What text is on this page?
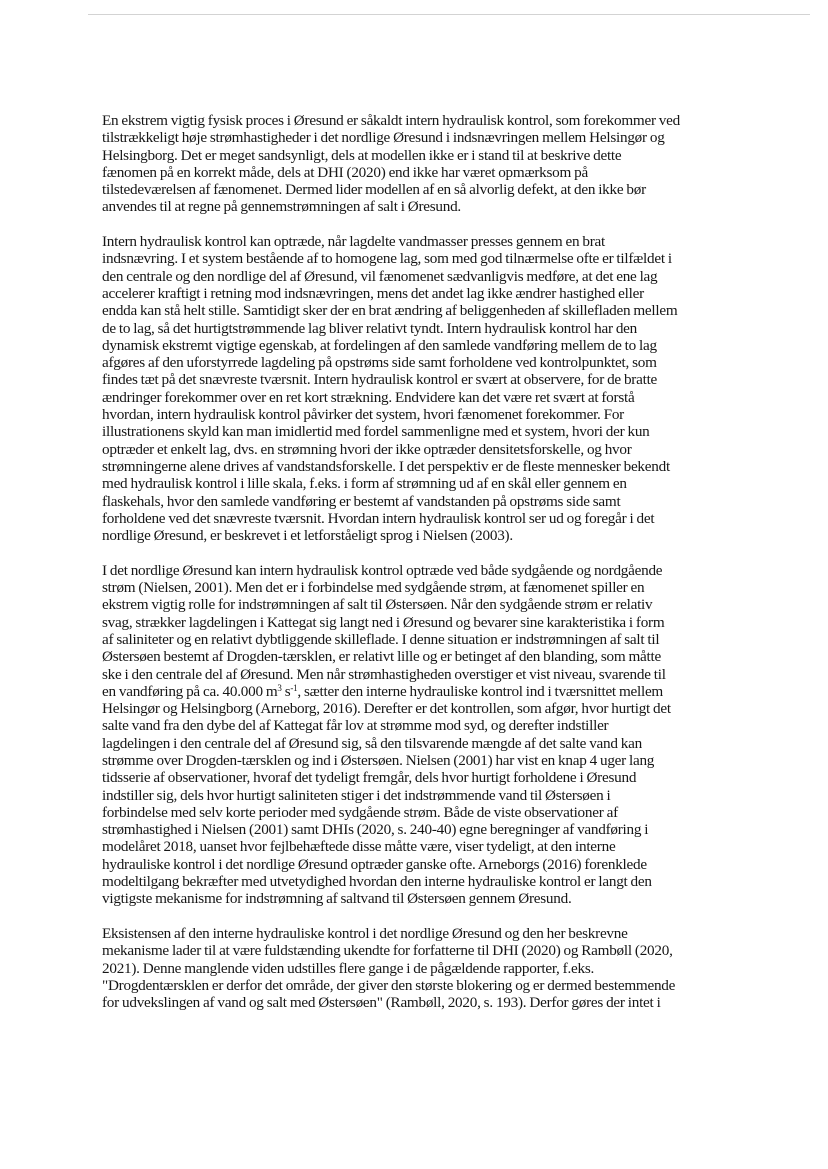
En ekstrem vigtig fysisk proces i Øresund er såkaldt intern hydraulisk kontrol, som forekommer ved
tilstrækkeligt høje strømhastigheder i det nordlige Øresund i indsnævringen mellem Helsingør og
Helsingborg. Det er meget sandsynligt, dels at modellen ikke er i stand til at beskrive dette
fænomen på en korrekt måde, dels at DHI (2020) end ikke har været opmærksom på
tilstedeværelsen af fænomenet. Dermed lider modellen af en så alvorlig defekt, at den ikke bør
anvendes til at regne på gennemstrømningen af salt i Øresund.

Intern hydraulisk kontrol kan optræde, når lagdelte vandmasser presses gennem en brat
indsnævring. I et system bestående af to homogene lag, som med god tilnærmelse ofte er tilfældet i
den centrale og den nordlige del af Øresund, vil fænomenet sædvanligvis medføre, at det ene lag
accelerer kraftigt i retning mod indsnævringen, mens det andet lag ikke ændrer hastighed eller
endda kan stå helt stille. Samtidigt sker der en brat ændring af beliggenheden af skillefladen mellem
de to lag, så det hurtigtstrømmende lag bliver relativt tyndt. Intern hydraulisk kontrol har den
dynamisk ekstremt vigtige egenskab, at fordelingen af den samlede vandføring mellem de to lag
afgøres af den uforstyrrede lagdeling på opstrøms side samt forholdene ved kontrolpunktet, som
findes tæt på det snævreste tværsnit. Intern hydraulisk kontrol er svært at observere, for de bratte
ændringer forekommer over en ret kort strækning. Endvidere kan det være ret svært at forstå
hvordan, intern hydraulisk kontrol påvirker det system, hvori fænomenet forekommer. For
illustrationens skyld kan man imidlertid med fordel sammenligne med et system, hvori der kun
optræder et enkelt lag, dvs. en strømning hvori der ikke optræder densitetsforskelle, og hvor
strømningerne alene drives af vandstandsforskelle. I det perspektiv er de fleste mennesker bekendt
med hydraulisk kontrol i lille skala, f.eks. i form af strømning ud af en skål eller gennem en
flaskehals, hvor den samlede vandføring er bestemt af vandstanden på opstrøms side samt
forholdene ved det snævreste tværsnit. Hvordan intern hydraulisk kontrol ser ud og foregår i det
nordlige Øresund, er beskrevet i et letforståeligt sprog i Nielsen (2003).

I det nordlige Øresund kan intern hydraulisk kontrol optræde ved både sydgående og nordgående
strøm (Nielsen, 2001). Men det er i forbindelse med sydgående strøm, at fænomenet spiller en
ekstrem vigtig rolle for indstrømningen af salt til Østersøen. Når den sydgående strøm er relativ
svag, strækker lagdelingen i Kattegat sig langt ned i Øresund og bevarer sine karakteristika i form
af saliniteter og en relativt dybtliggende skilleflade. I denne situation er indstrømningen af salt til
Østersøen bestemt af Drogden-tærsklen, er relativt lille og er betinget af den blanding, som måtte
ske i den centrale del af Øresund. Men når strømhastigheden overstiger et vist niveau, svarende til
en vandføring på ca. 40.000 $m^3$ $s^{-1}$, sætter den interne hydrauliske kontrol ind i tværsnittet mellem
Helsingør og Helsingborg (Arneborg, 2016). Derefter er det kontrollen, som afgør, hvor hurtigt det
salte vand fra den dybe del af Kattegat får lov at strømme mod syd, og derefter indstiller
lagdelingen i den centrale del af Øresund sig, så den tilsvarende mængde af det salte vand kan
strømme over Drogden-tærsklen og ind i Østersøen. Nielsen (2001) har vist en knap 4 uger lang
tidsserie af observationer, hvoraf det tydeligt fremgår, dels hvor hurtigt forholdene i Øresund
indstiller sig, dels hvor hurtigt saliniteten stiger i det indstrømmende vand til Østersøen i
forbindelse med selv korte perioder med sydgående strøm. Både de viste observationer af
strømhastighed i Nielsen (2001) samt DHIs (2020, s. 240-40) egne beregninger af vandføring i
modelåret 2018, uanset hvor fejlbehæftede disse måtte være, viser tydeligt, at den interne
hydrauliske kontrol i det nordlige Øresund optræder ganske ofte. Arneborgs (2016) forenklede
modeltilgang bekræfter med utvetydighed hvordan den interne hydrauliske kontrol er langt den
vigtigste mekanisme for indstrømning af saltvand til Østersøen gennem Øresund.

Eksistensen af den interne hydrauliske kontrol i det nordlige Øresund og den her beskrevne
mekanisme lader til at være fuldstænding ukendte for forfatterne til DHI (2020) og Rambøll (2020,
2021). Denne manglende viden udstilles flere gange i de pågældende rapporter, f.eks.
"Drogdentærsklen er derfor det område, der giver den største blokering og er dermed bestemmende
for udvekslingen af vand og salt med Østersøen" (Rambøll, 2020, s. 193). Derfor gøres der intet i
